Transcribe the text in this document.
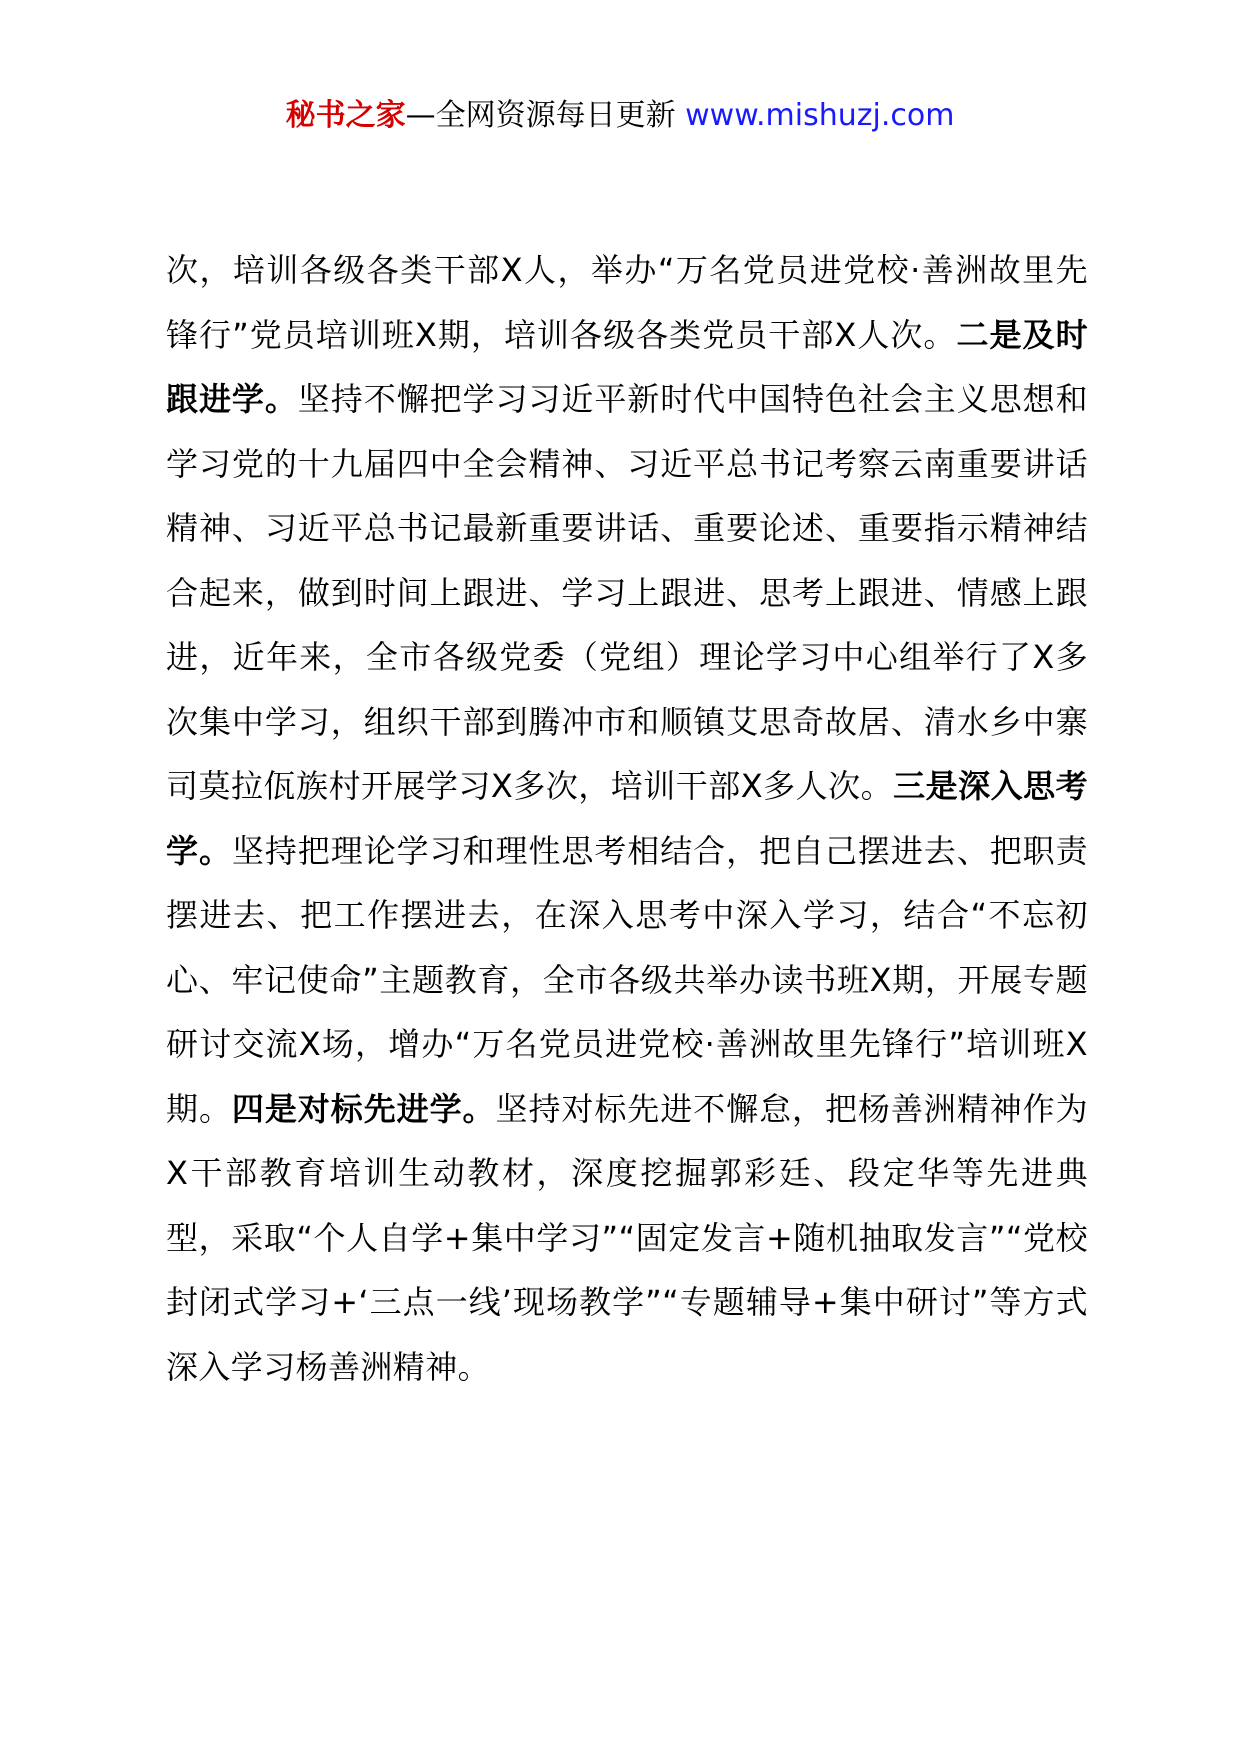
秘书之家—全网资源每日更新 www.mishuzj.com

次，培训各级各类干部X人，举办“万名党员进党校·善洲故里先锋行”党员培训班X期，培训各级各类党员干部X人次。二是及时跟进学。坚持不懈把学习习近平新时代中国特色社会主义思想和学习党的十九届四中全会精神、习近平总书记考察云南重要讲话精神、习近平总书记最新重要讲话、重要论述、重要指示精神结合起来，做到时间上跟进、学习上跟进、思考上跟进、情感上跟进，近年来，全市各级党委（党组）理论学习中心组举行了X多次集中学习，组织干部到腾冲市和顺镇艾思奇故居、清水乡中寨司莫拉佤族村开展学习X多次，培训干部X多人次。三是深入思考学。坚持把理论学习和理性思考相结合，把自己摆进去、把职责摆进去、把工作摆进去，在深入思考中深入学习，结合“不忘初心、牢记使命”主题教育，全市各级共举办读书班X期，开展专题研讨交流X场，增办“万名党员进党校·善洲故里先锋行”培训班X期。四是对标先进学。坚持对标先进不懈怠，把杨善洲精神作为X干部教育培训生动教材，深度挖掘郭彩廷、段定华等先进典型，采取“个人自学+集中学习”“固定发言+随机抽取发言”“党校封闭式学习+‘三点一线’现场教学”“专题辅导+集中研讨”等方式深入学习杨善洲精神。
